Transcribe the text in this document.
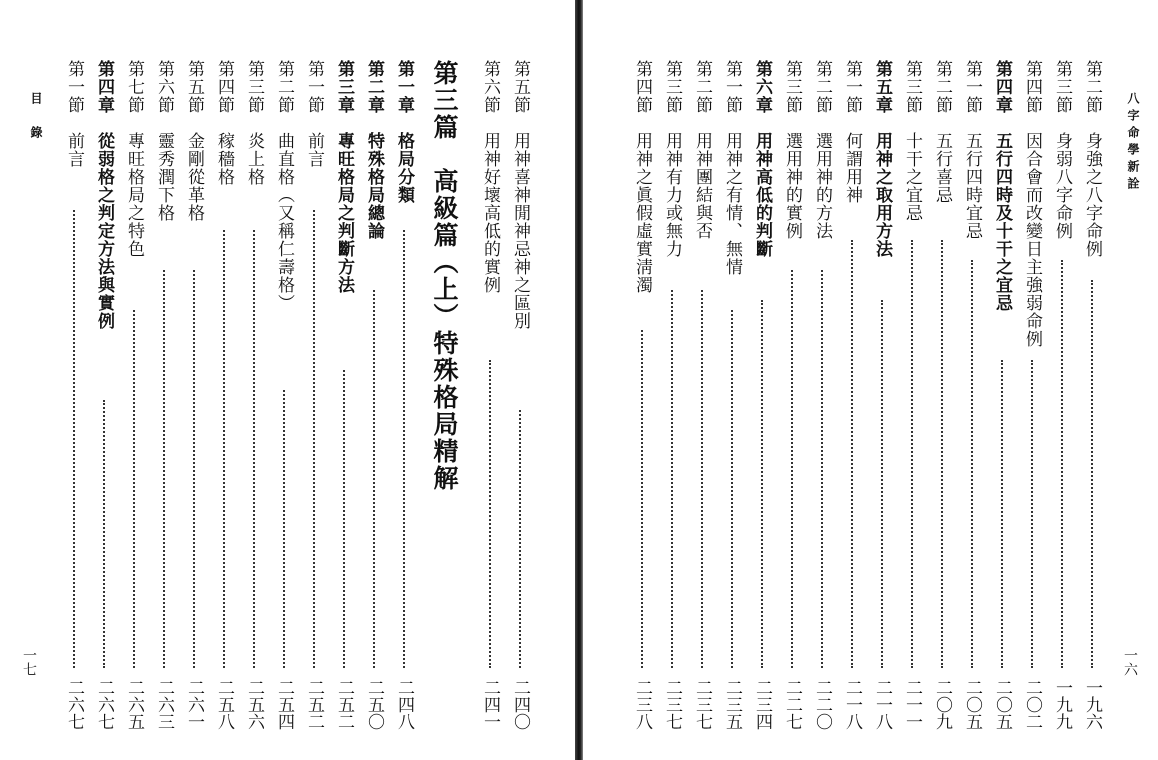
目　錄
一七
第五節　用神喜神閒神忌神之區別
二四〇
第六節　用神好壞高低的實例
二四一
第三篇　高級篇（上）特殊格局精解
第一章　格局分類
二四八
第二章　特殊格局總論
二五〇
第三章　專旺格局之判斷方法
二五二
第一節　前言
二五二
第二節　曲直格（又稱仁壽格）
二五四
第三節　炎上格
二五六
第四節　稼穡格
二五八
第五節　金剛從革格
二六一
第六節　靈秀潤下格
二六三
第七節　專旺格局之特色
二六五
第四章　從弱格之判定方法與實例
二六七
第一節　前言
二六七
八字命學新詮
一六
第二節　身強之八字命例
一九六
第三節　身弱八字命例
一九九
第四節　因合會而改變日主強弱命例
二〇二
第四章　五行四時及十干之宜忌
二〇五
第一節　五行四時宜忌
二〇五
第二節　五行喜忌
二〇九
第三節　十干之宜忌
二一一
第五章　用神之取用方法
二一八
第一節　何謂用神
二一八
第二節　選用神的方法
二二〇
第三節　選用神的實例
二二七
第六章　用神高低的判斷
二三四
第一節　用神之有情、無情
二三五
第二節　用神團結與否
二三七
第三節　用神有力或無力
二三七
第四節　用神之眞假虛實淸濁
二三八
